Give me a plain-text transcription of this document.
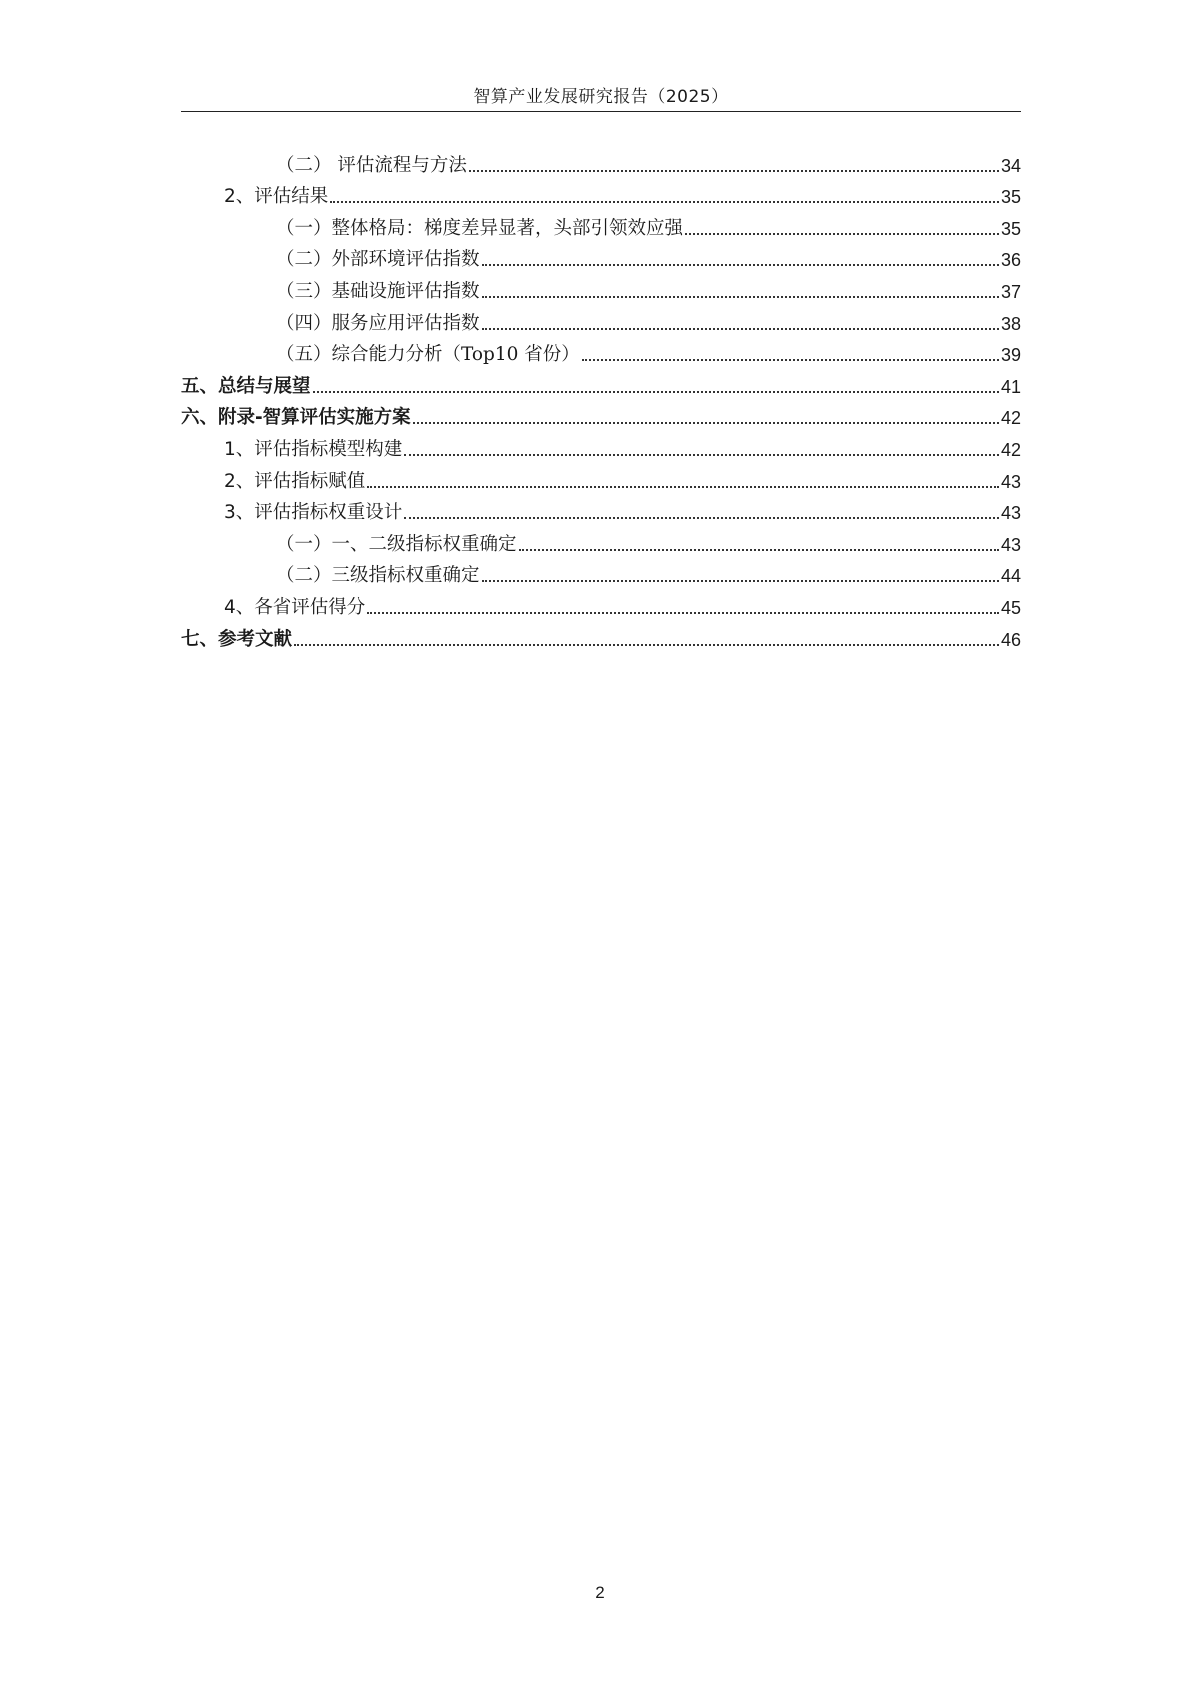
智算产业发展研究报告（2025）
（二） 评估流程与方法	34
2、评估结果	35
（一）整体格局：梯度差异显著，头部引领效应强	35
（二）外部环境评估指数	36
（三）基础设施评估指数	37
（四）服务应用评估指数	38
（五）综合能力分析（Top10 省份）	39
五、总结与展望	41
六、附录-智算评估实施方案	42
1、评估指标模型构建	42
2、评估指标赋值	43
3、评估指标权重设计	43
（一）一、二级指标权重确定	43
（二）三级指标权重确定	44
4、各省评估得分	45
七、参考文献	46
2
